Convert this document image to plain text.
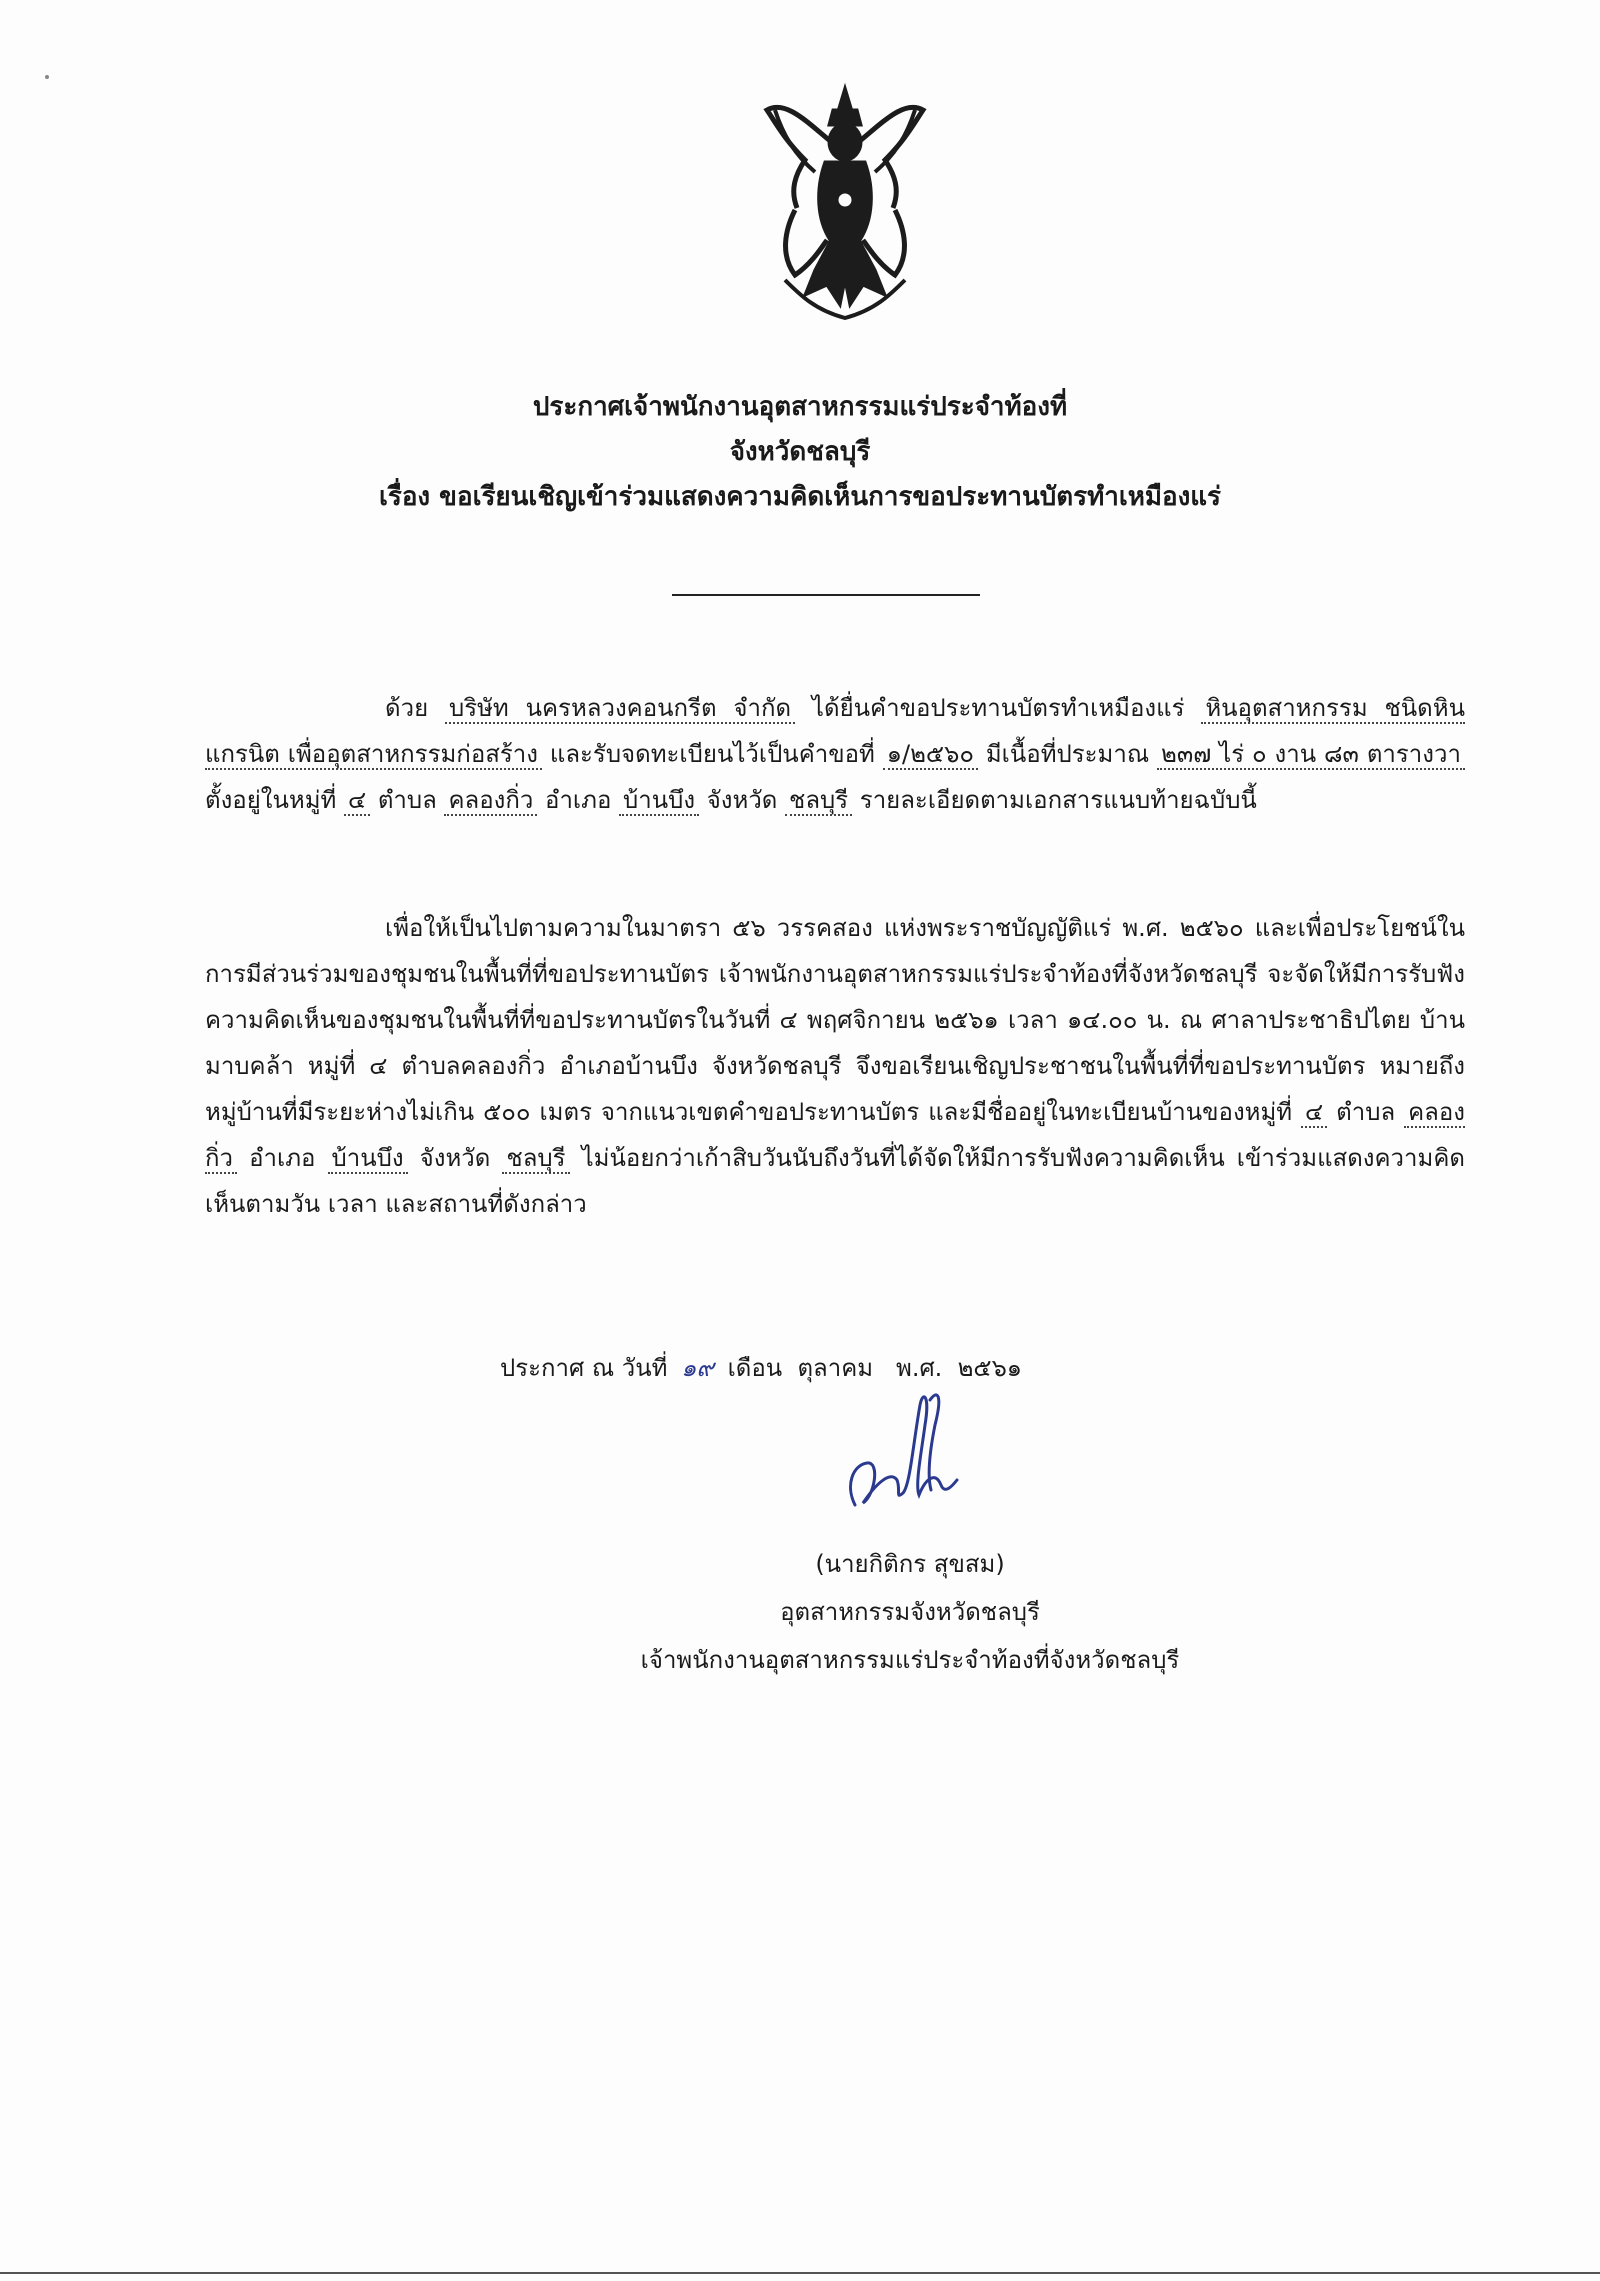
ประกาศเจ้าพนักงานอุตสาหกรรมแร่ประจำท้องที่
จังหวัดชลบุรี
เรื่อง ขอเรียนเชิญเข้าร่วมแสดงความคิดเห็นการขอประทานบัตรทำเหมืองแร่
ด้วย บริษัท นครหลวงคอนกรีต จำกัด ได้ยื่นคำขอประทานบัตรทำเหมืองแร่ หินอุตสาหกรรม ชนิดหินแกรนิต เพื่ออุตสาหกรรมก่อสร้าง และรับจดทะเบียนไว้เป็นคำขอที่ ๑/๒๕๖๐ มีเนื้อที่ประมาณ ๒๓๗ ไร่ ๐ งาน ๘๓ ตารางวา ตั้งอยู่ในหมู่ที่ ๔ ตำบล คลองกิ่ว อำเภอ บ้านบึง จังหวัด ชลบุรี รายละเอียดตามเอกสารแนบท้ายฉบับนี้
เพื่อให้เป็นไปตามความในมาตรา ๕๖ วรรคสอง แห่งพระราชบัญญัติแร่ พ.ศ. ๒๕๖๐ และเพื่อประโยชน์ในการมีส่วนร่วมของชุมชนในพื้นที่ที่ขอประทานบัตร เจ้าพนักงานอุตสาหกรรมแร่ประจำท้องที่จังหวัดชลบุรี จะจัดให้มีการรับฟังความคิดเห็นของชุมชนในพื้นที่ที่ขอประทานบัตรในวันที่ ๔ พฤศจิกายน ๒๕๖๑ เวลา ๑๔.๐๐ น. ณ ศาลาประชาธิปไตย บ้านมาบคล้า หมู่ที่ ๔ ตำบลคลองกิ่ว อำเภอบ้านบึง จังหวัดชลบุรี จึงขอเรียนเชิญประชาชนในพื้นที่ที่ขอประทานบัตร หมายถึง หมู่บ้านที่มีระยะห่างไม่เกิน ๕๐๐ เมตร จากแนวเขตคำขอประทานบัตร และมีชื่ออยู่ในทะเบียนบ้านของหมู่ที่ ๔ ตำบล คลองกิ่ว อำเภอ บ้านบึง จังหวัด ชลบุรี ไม่น้อยกว่าเก้าสิบวันนับถึงวันที่ได้จัดให้มีการรับฟังความคิดเห็น เข้าร่วมแสดงความคิดเห็นตามวัน เวลา และสถานที่ดังกล่าว
ประกาศ ณ วันที่ ๑๙ เดือน ตุลาคม พ.ศ. ๒๕๖๑
(นายกิติกร สุขสม)
อุตสาหกรรมจังหวัดชลบุรี
เจ้าพนักงานอุตสาหกรรมแร่ประจำท้องที่จังหวัดชลบุรี
